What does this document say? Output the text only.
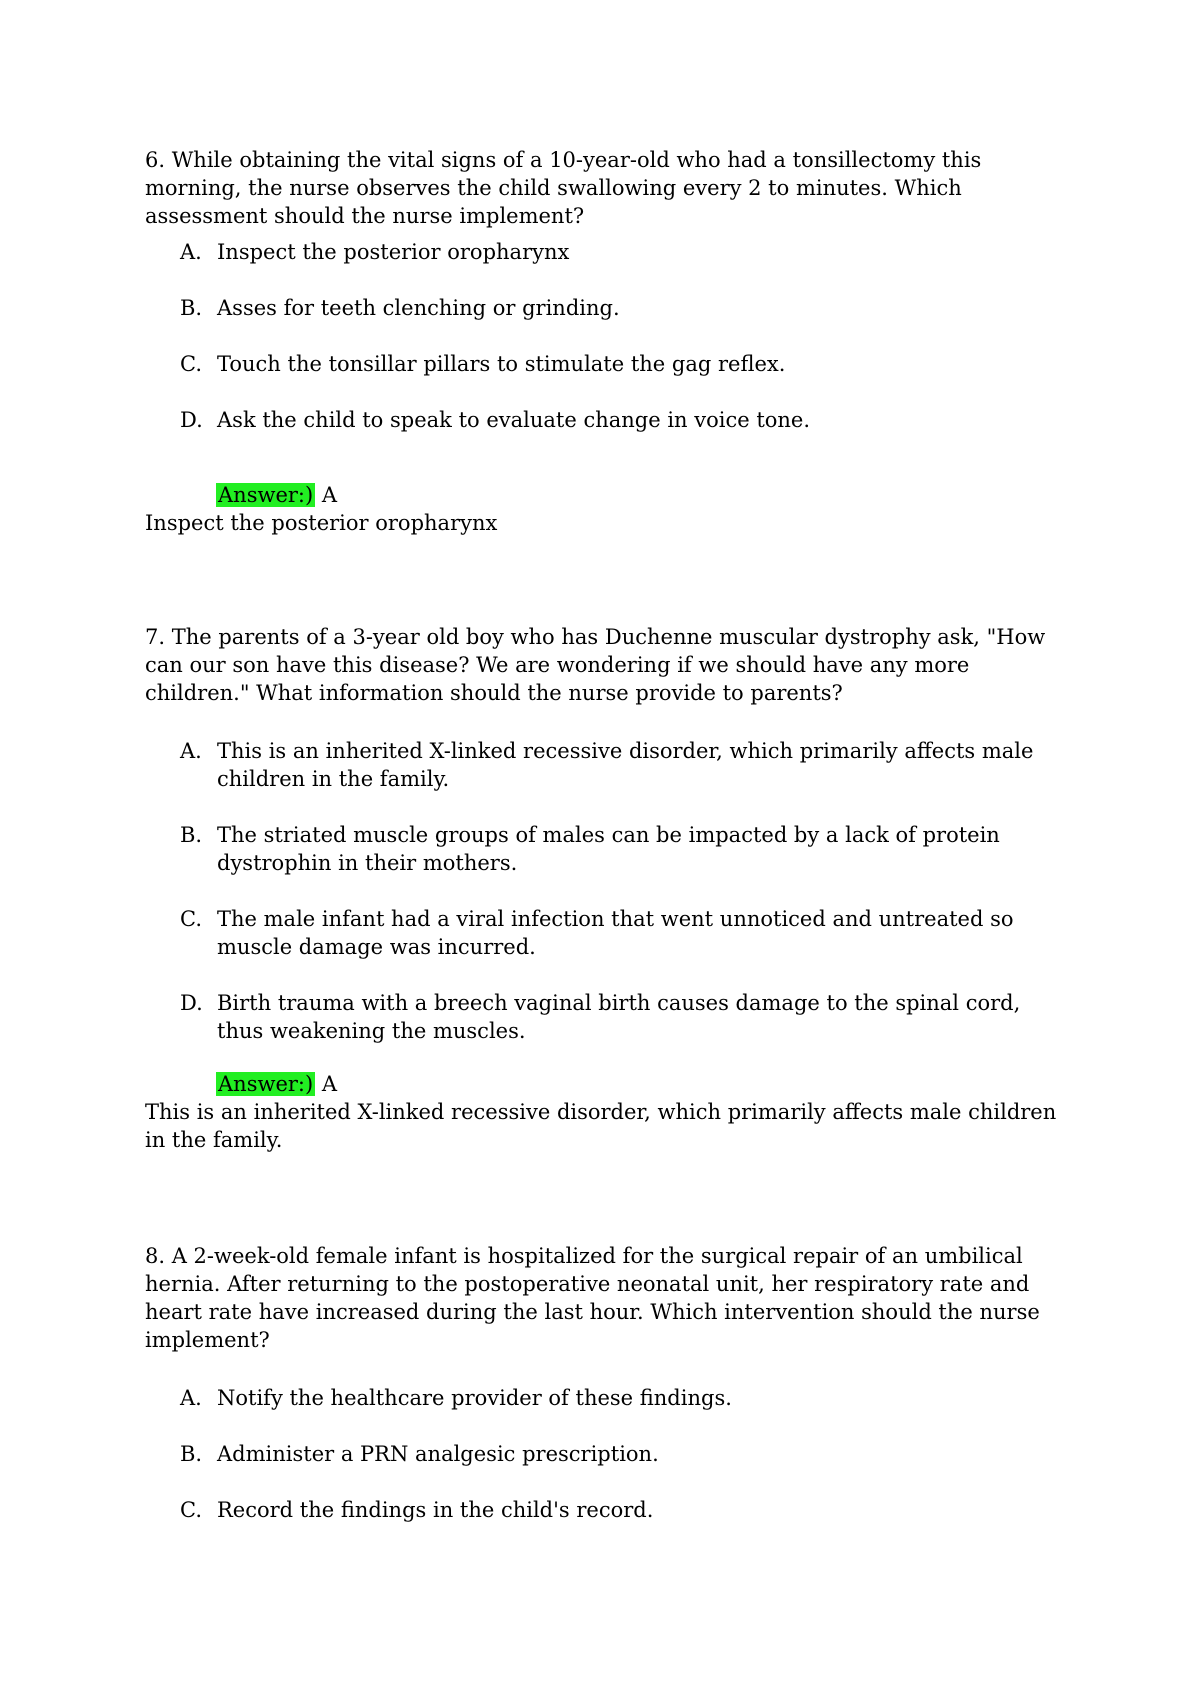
6. While obtaining the vital signs of a 10-year-old who had a tonsillectomy this morning, the nurse observes the child swallowing every 2 to minutes. Which assessment should the nurse implement?
A. Inspect the posterior oropharynx
B. Asses for teeth clenching or grinding.
C. Touch the tonsillar pillars to stimulate the gag reflex.
D. Ask the child to speak to evaluate change in voice tone.
Answer:) A
Inspect the posterior oropharynx
7. The parents of a 3-year old boy who has Duchenne muscular dystrophy ask, "How can our son have this disease? We are wondering if we should have any more children." What information should the nurse provide to parents?
A. This is an inherited X-linked recessive disorder, which primarily affects male children in the family.
B. The striated muscle groups of males can be impacted by a lack of protein dystrophin in their mothers.
C. The male infant had a viral infection that went unnoticed and untreated so muscle damage was incurred.
D. Birth trauma with a breech vaginal birth causes damage to the spinal cord, thus weakening the muscles.
Answer:) A
This is an inherited X-linked recessive disorder, which primarily affects male children in the family.
8. A 2-week-old female infant is hospitalized for the surgical repair of an umbilical hernia. After returning to the postoperative neonatal unit, her respiratory rate and heart rate have increased during the last hour. Which intervention should the nurse implement?
A. Notify the healthcare provider of these findings.
B. Administer a PRN analgesic prescription.
C. Record the findings in the child's record.
